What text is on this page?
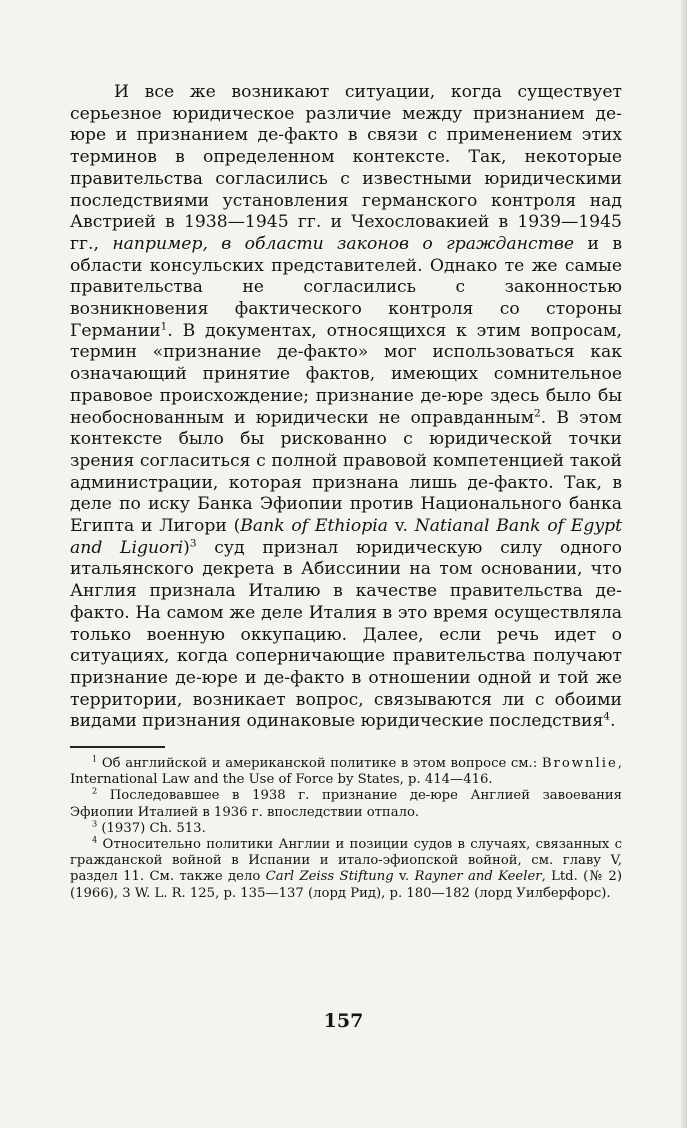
И все же возникают ситуации, когда существует серьезное юридическое различие между признанием де-юре и признанием де-факто в связи с применением этих терминов в определенном контексте. Так, некоторые правительства согласились с известными юридическими последствиями установления германского контроля над Австрией в 1938—1945 гг. и Чехословакией в 1939—1945 гг., например, в области законов о гражданстве и в области консульских представителей. Однако те же самые правительства не согласились с законностью возникновения фактического контроля со стороны Германии$^1$. В документах, относящихся к этим вопросам, термин «признание де-факто» мог использоваться как означающий принятие фактов, имеющих сомнительное правовое происхождение; признание де-юре здесь было бы необоснованным и юридически не оправданным$^2$. В этом контексте было бы рискованно с юридической точки зрения согласиться с полной правовой компетенцией такой администрации, которая признана лишь де-факто. Так, в деле по иску Банка Эфиопии против Национального банка Египта и Лигори (Bank of Ethiopia v. Natianal Bank of Egypt and Liguori)$^3$ суд признал юридическую силу одного итальянского декрета в Абиссинии на том основании, что Англия признала Италию в качестве правительства де-факто. На самом же деле Италия в это время осуществляла только военную оккупацию. Далее, если речь идет о ситуациях, когда соперничающие правительства получают признание де-юре и де-факто в отношении одной и той же территории, возникает вопрос, связываются ли с обоими видами признания одинаковые юридические последствия$^4$.

$^1$ Об английской и американской политике в этом вопросе см.: Brownlie, International Law and the Use of Force by States, p. 414—416.

$^2$ Последовавшее в 1938 г. признание де-юре Англией завоевания Эфиопии Италией в 1936 г. впоследствии отпало.

$^3$ (1937) Ch. 513.

$^4$ Относительно политики Англии и позиции судов в случаях, связанных с гражданской войной в Испании и итало-эфиопской войной, см. главу V, раздел 11. См. также дело Carl Zeiss Stiftung v. Rayner and Keeler, Ltd. (№ 2) (1966), 3 W. L. R. 125, p. 135—137 (лорд Рид), p. 180—182 (лорд Уилберфорс).

157
